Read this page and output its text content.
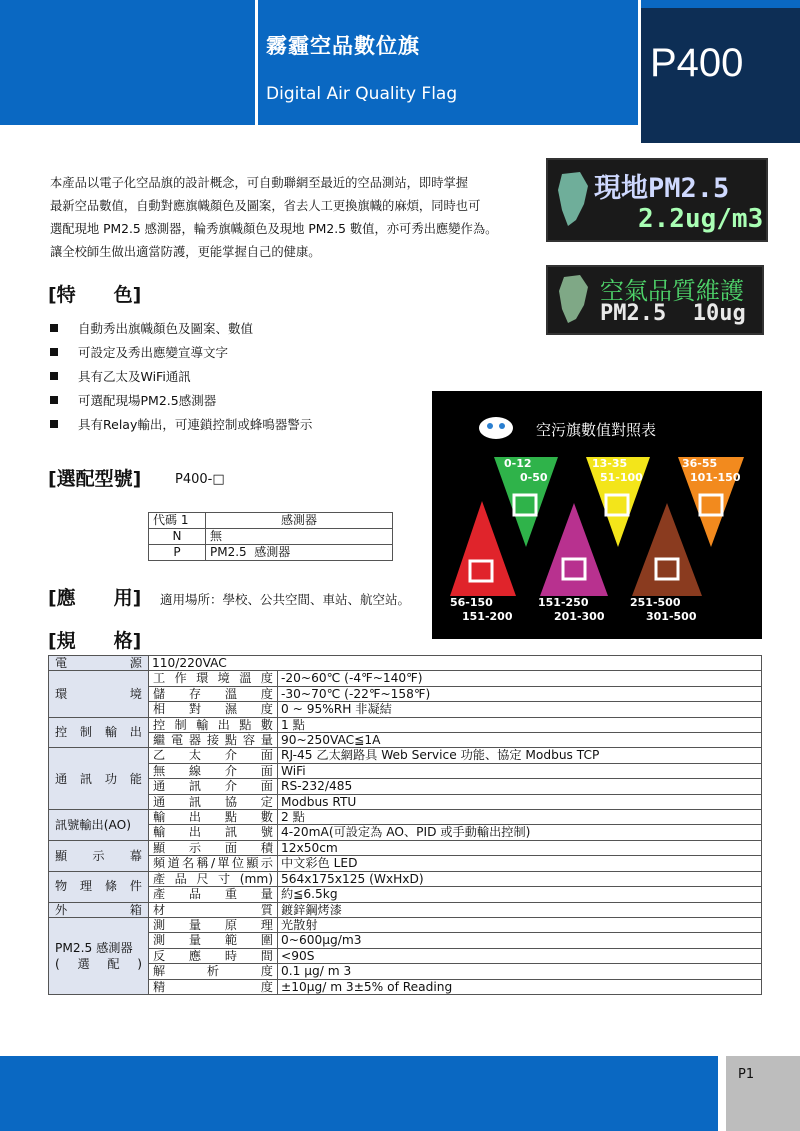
霧霾空品數位旗
Digital Air Quality Flag
P400
本產品以電子化空品旗的設計概念，可自動聯網至最近的空品測站，即時掌握
最新空品數值，自動對應旗幟顏色及圖案，省去人工更換旗幟的麻煩，同時也可
選配現地 PM2.5 感測器，輪秀旗幟顏色及現地 PM2.5 數值，亦可秀出應變作為。
讓全校師生做出適當防護，更能掌握自己的健康。
現地PM2.5
2.2ug/m3
空氣品質維護
PM2.5  10ug
[特　　色]
自動秀出旗幟顏色及圖案、數值
可設定及秀出應變宣導文字
具有乙太及WiFi通訊
可選配現場PM2.5感測器
具有Relay輸出，可連鎖控制或蜂鳴器警示	空污旗數值對照表
0-12
0-50
13-35
51-100
36-55
101-150
56-150
151-200
151-250
201-300
251-500
301-500
[選配型號]	P400-□
代碼 1	感測器
N	無
P	PM2.5  感測器
[應　　用] 適用場所：學校、公共空間、車站、航空站。
[規　　格]
電源	110/220VAC	
環境	工作環境溫度	-20~60℃ (-4℉~140℉)
	儲存溫度	-30~70℃ (-22℉~158℉)
	相對濕度	0 ~ 95%RH 非凝結
控制輸出	控制輸出點數	1 點
	繼電器接點容量	90~250VAC≦1A
通訊功能	乙太介面	RJ-45 乙太網路具 Web Service 功能、協定 Modbus TCP
	無線介面	WiFi
	通訊介面	RS-232/485
	通訊協定	Modbus RTU
訊號輸出(AO)	輸出點數	2 點
	輸出訊號	4-20mA(可設定為 AO、PID 或手動輸出控制)
顯示幕	顯示面積	12x50cm
	頻道名稱/單位顯示	中文彩色 LED
物理條件	產品尺寸(mm)	564x175x125 (WxHxD)
	產品重量	約≦6.5kg
外箱	材質	鍍鋅鋼烤漆

PM2.5 感測器
(選配)	測量原理	光散射
	測量範圍	0~600μg/m3
	反應時間	<90S
	解析度	0.1 μg/ m 3
	精度	±10μg/ m 3±5% of Reading
P1
